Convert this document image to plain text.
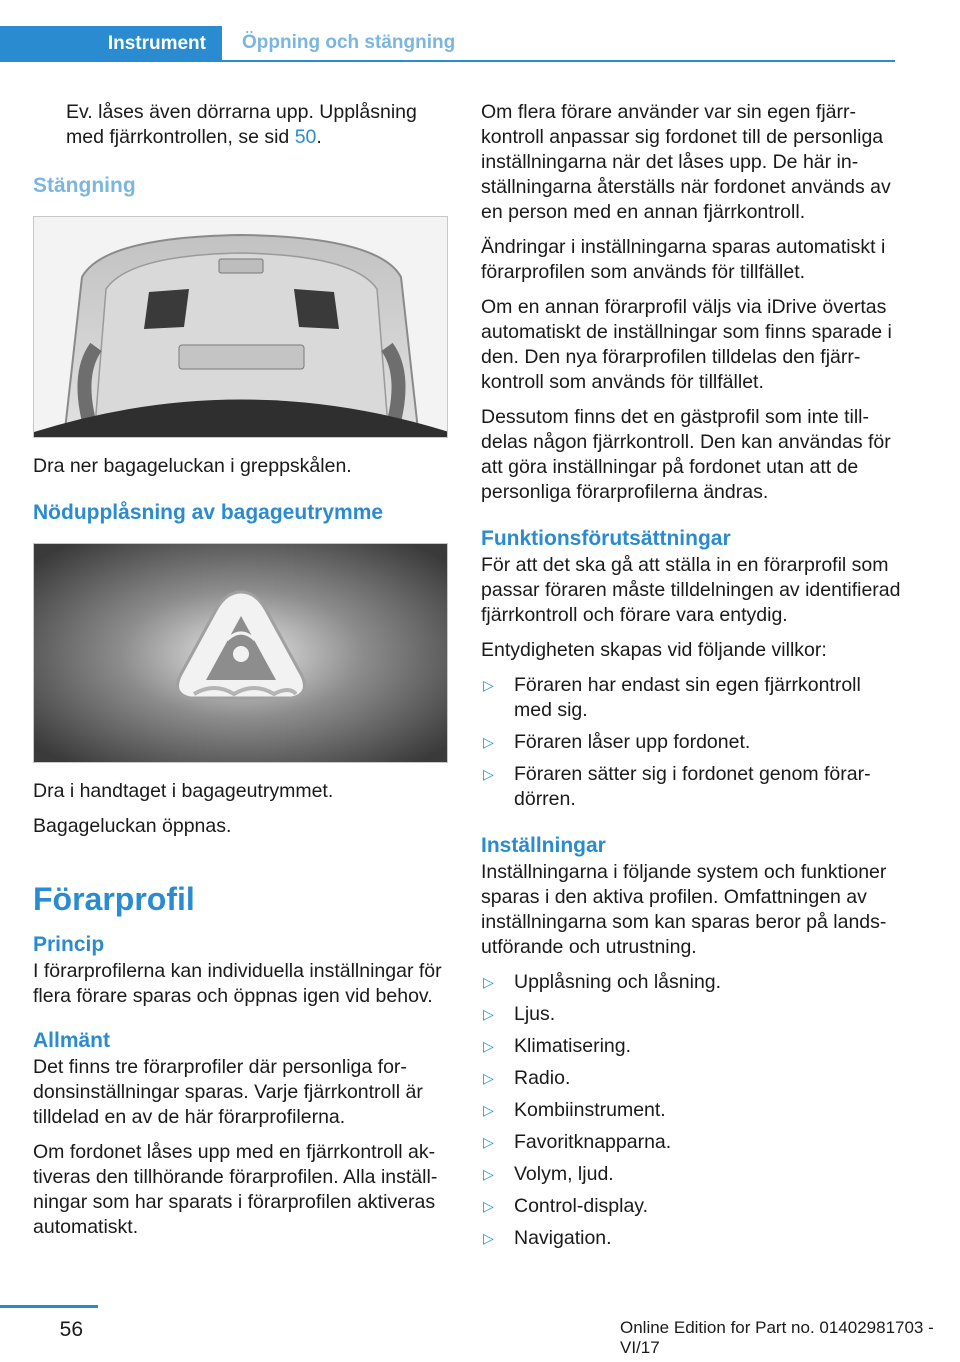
Instrument	Öppning och stängning

Ev. låses även dörrarna upp. Upplåsning med fjärrkontrollen, se sid 50.

Stängning

Dra ner bagageluckan i greppskålen.

Nödupplåsning av bagageutrymme

Dra i handtaget i bagageutrymmet.

Bagageluckan öppnas.

Förarprofil
Princip

I förarprofilerna kan individuella inställningar för flera förare sparas och öppnas igen vid behov.

Allmänt

Det finns tre förarprofiler där personliga fordonsinställningar sparas. Varje fjärrkontroll är tilldelad en av de här förarprofilerna.

Om fordonet låses upp med en fjärrkontroll aktiveras den tillhörande förarprofilen. Alla inställningar som har sparats i förarprofilen aktiveras automatiskt.

Om flera förare använder var sin egen fjärrkontroll anpassar sig fordonet till de personliga inställningarna när det låses upp. De här inställningarna återställs när fordonet används av en person med en annan fjärrkontroll.

Ändringar i inställningarna sparas automatiskt i förarprofilen som används för tillfället.

Om en annan förarprofil väljs via iDrive övertas automatiskt de inställningar som finns sparade i den. Den nya förarprofilen tilldelas den fjärrkontroll som används för tillfället.

Dessutom finns det en gästprofil som inte tilldelas någon fjärrkontroll. Den kan användas för att göra inställningar på fordonet utan att de personliga förarprofilerna ändras.

Funktionsförutsättningar

För att det ska gå att ställa in en förarprofil som passar föraren måste tilldelningen av identifierad fjärrkontroll och förare vara entydig.

Entydigheten skapas vid följande villkor:

▷ Föraren har endast sin egen fjärrkontroll med sig.
▷ Föraren låser upp fordonet.
▷ Föraren sätter sig i fordonet genom förardörren.
Inställningar

Inställningarna i följande system och funktioner sparas i den aktiva profilen. Omfattningen av inställningarna som kan sparas beror på landsutförande och utrustning.

▷ Upplåsning och låsning.
▷ Ljus.
▷ Klimatisering.
▷ Radio.
▷ Kombiinstrument.
▷ Favoritknapparna.
▷ Volym, ljud.
▷ Control-display.
▷ Navigation.
56	Online Edition for Part no. 01402981703 - VI/17
